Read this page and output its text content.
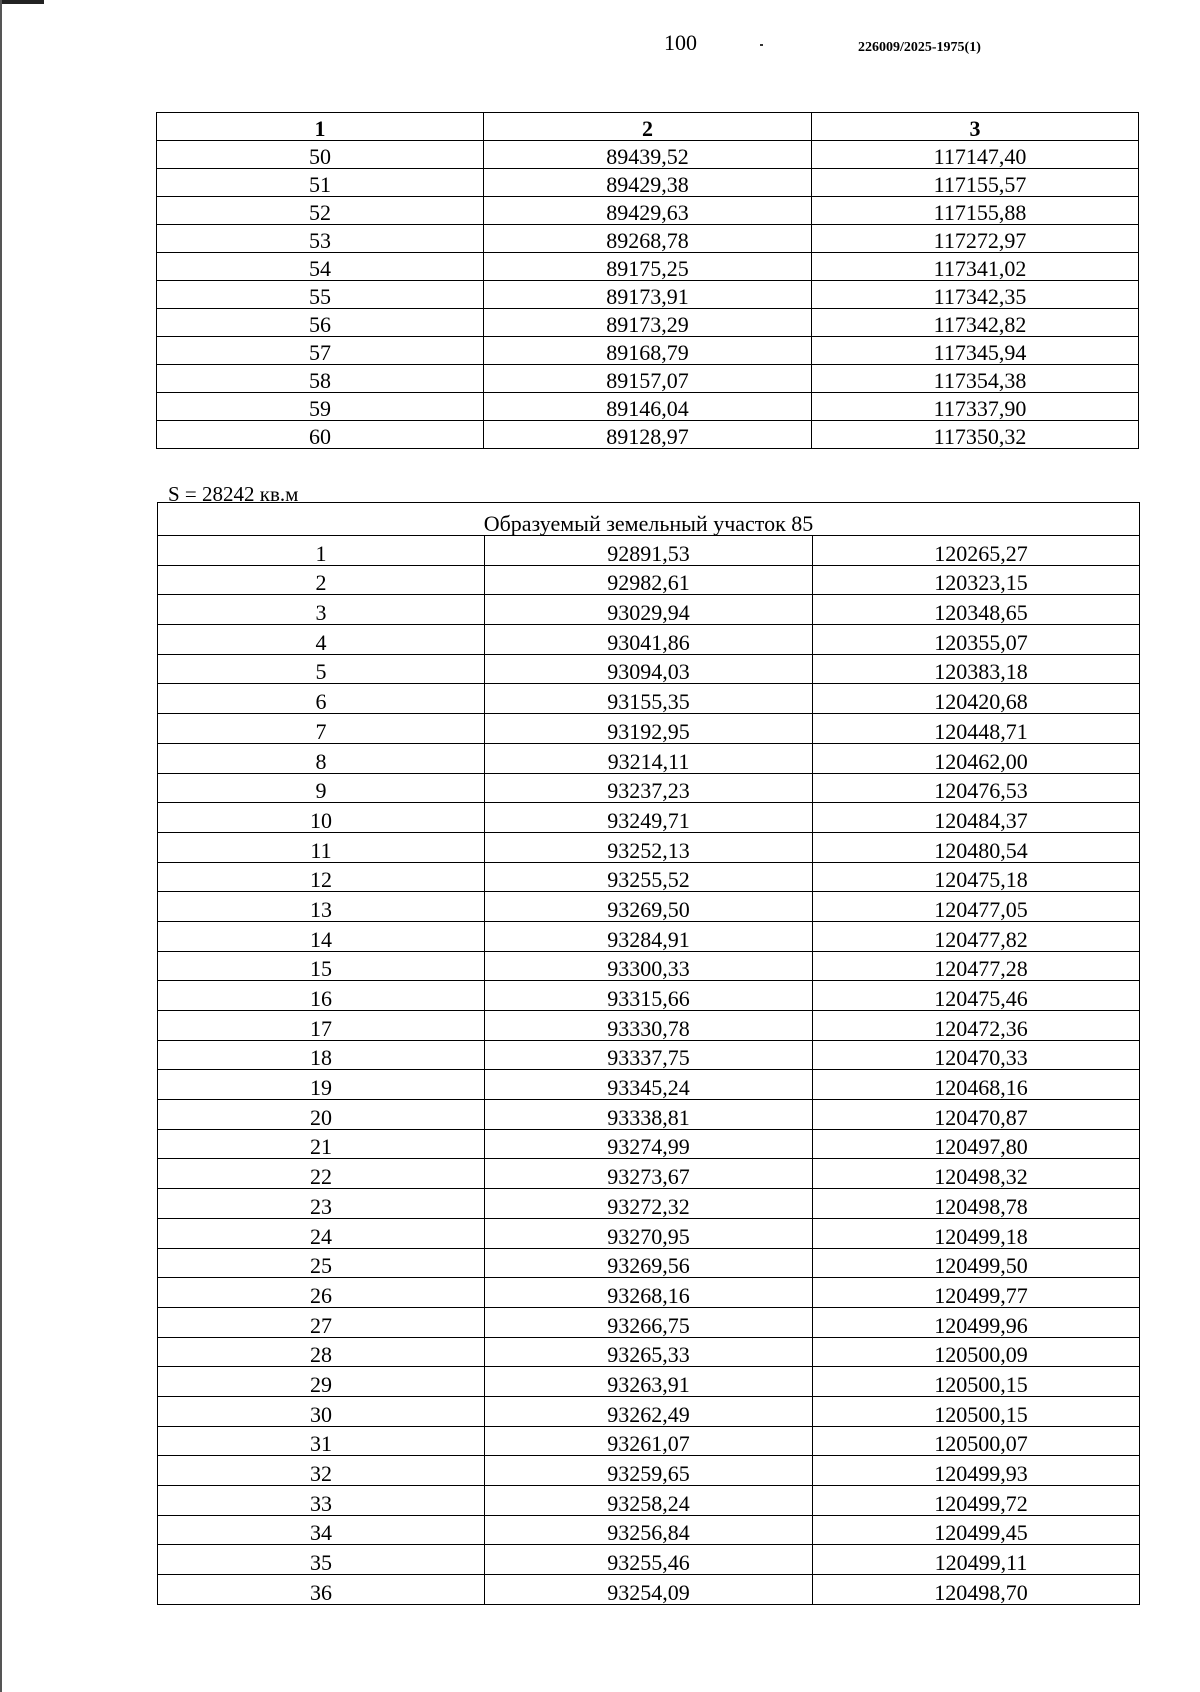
100	226009/2025-1975(1)
1	2	3
50	89439,52	117147,40
51	89429,38	117155,57
52	89429,63	117155,88
53	89268,78	117272,97
54	89175,25	117341,02
55	89173,91	117342,35
56	89173,29	117342,82
57	89168,79	117345,94
58	89157,07	117354,38
59	89146,04	117337,90
60	89128,97	117350,32
S = 28242 кв.м
Образуемый земельный участок 85		
1	92891,53	120265,27
2	92982,61	120323,15
3	93029,94	120348,65
4	93041,86	120355,07
5	93094,03	120383,18
6	93155,35	120420,68
7	93192,95	120448,71
8	93214,11	120462,00
9	93237,23	120476,53
10	93249,71	120484,37
11	93252,13	120480,54
12	93255,52	120475,18
13	93269,50	120477,05
14	93284,91	120477,82
15	93300,33	120477,28
16	93315,66	120475,46
17	93330,78	120472,36
18	93337,75	120470,33
19	93345,24	120468,16
20	93338,81	120470,87
21	93274,99	120497,80
22	93273,67	120498,32
23	93272,32	120498,78
24	93270,95	120499,18
25	93269,56	120499,50
26	93268,16	120499,77
27	93266,75	120499,96
28	93265,33	120500,09
29	93263,91	120500,15
30	93262,49	120500,15
31	93261,07	120500,07
32	93259,65	120499,93
33	93258,24	120499,72
34	93256,84	120499,45
35	93255,46	120499,11
36	93254,09	120498,70
